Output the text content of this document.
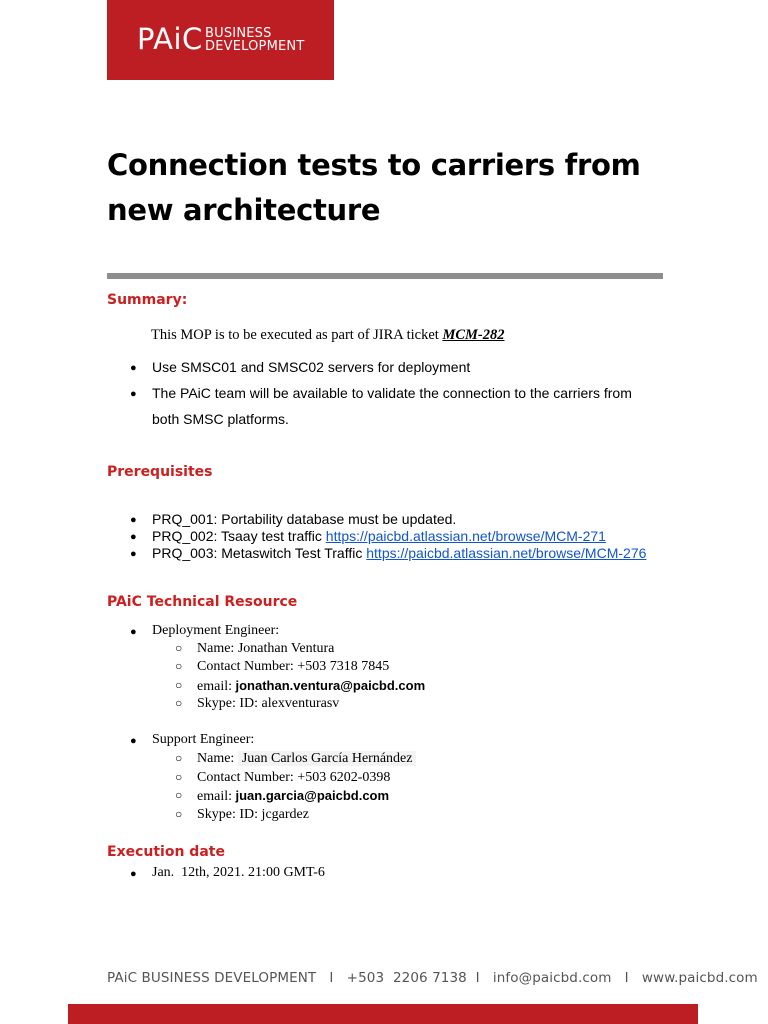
PAiC BUSINESS
DEVELOPMENT
Connection tests to carriers from new architecture
Summary:
This MOP is to be executed as part of JIRA ticket MCM-282
● Use SMSC01 and SMSC02 servers for deployment
● The PAiC team will be available to validate the connection to the carriers from
both SMSC platforms.
Prerequisites
● PRQ_001: Portability database must be updated.
● PRQ_002: Tsaay test traffic https://paicbd.atlassian.net/browse/MCM-271
● PRQ_003: Metaswitch Test Traffic https://paicbd.atlassian.net/browse/MCM-276
PAiC Technical Resource
● Deployment Engineer:
○ Name: Jonathan Ventura
○ Contact Number: +503 7318 7845
○ email: jonathan.ventura@paicbd.com
○ Skype: ID: alexventurasv
● Support Engineer:
○ Name: Juan Carlos García Hernández
○ Contact Number: +503 6202-0398
○ email: juan.garcia@paicbd.com
○ Skype: ID: jcgardez
Execution date
● Jan.  12th, 2021. 21:00 GMT-6
PAiC BUSINESS DEVELOPMENT   I   +503  2206 7138  I   info@paicbd.com   I   www.paicbd.com
